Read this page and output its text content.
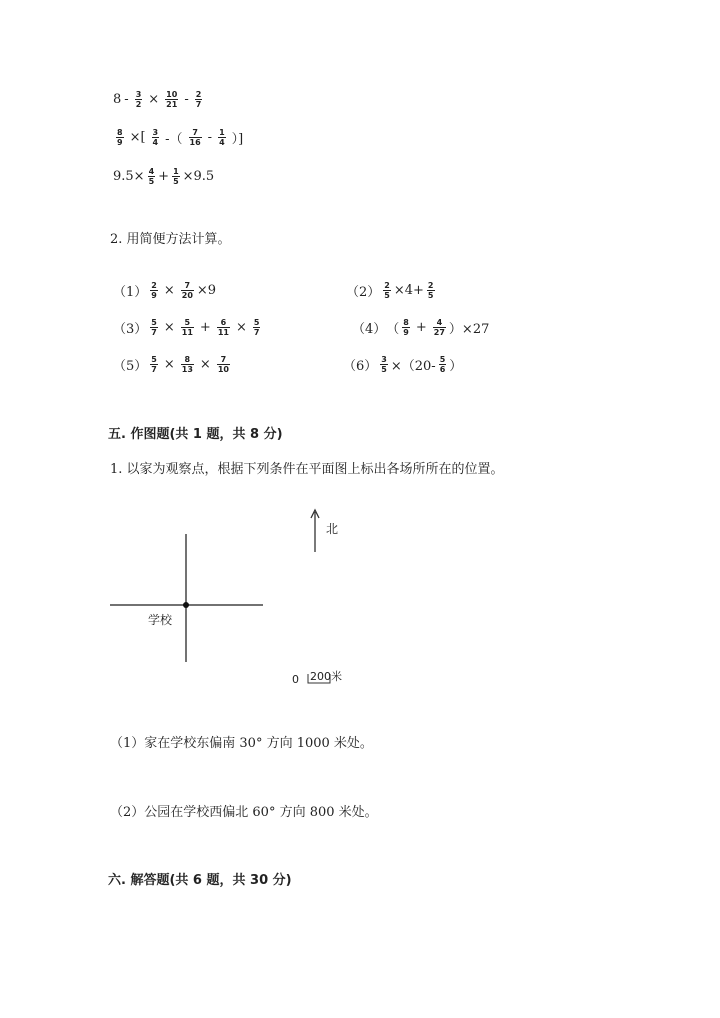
$8 - \frac{3}{2} \times \frac{10}{21} - \frac{2}{7}$
$\frac{8}{9}$ ×[ $\frac{3}{4}$ -（ $\frac{7}{16} - \frac{1}{4}$ ）]
$9.5\times \frac{4}{5} + \frac{1}{5} \times 9.5$
2. 用简便方法计算。
$(1) \frac{2}{9} \times \frac{7}{20} \times 9$	$(2) \frac{2}{5} \times 4+ \frac{2}{5}$
$(3) \frac{5}{7} \times \frac{5}{11} + \frac{6}{11} \times \frac{5}{7}$	（4） （ $\frac{8}{9} + \frac{4}{27} )\times 27$
$(5) \frac{5}{7} \times \frac{8}{13} \times \frac{7}{10}$	$(6) \frac{3}{5} \times(20- \frac{5}{6}$ ）
五. 作图题(共 1 题，共 8 分)
1. 以家为观察点，根据下列条件在平面图上标出各场所所在的位置。
学校
北
0 200米
（1）家在学校东偏南 30° 方向 1000 米处。
（2）公园在学校西偏北 60° 方向 800 米处。
六. 解答题(共 6 题，共 30 分)
